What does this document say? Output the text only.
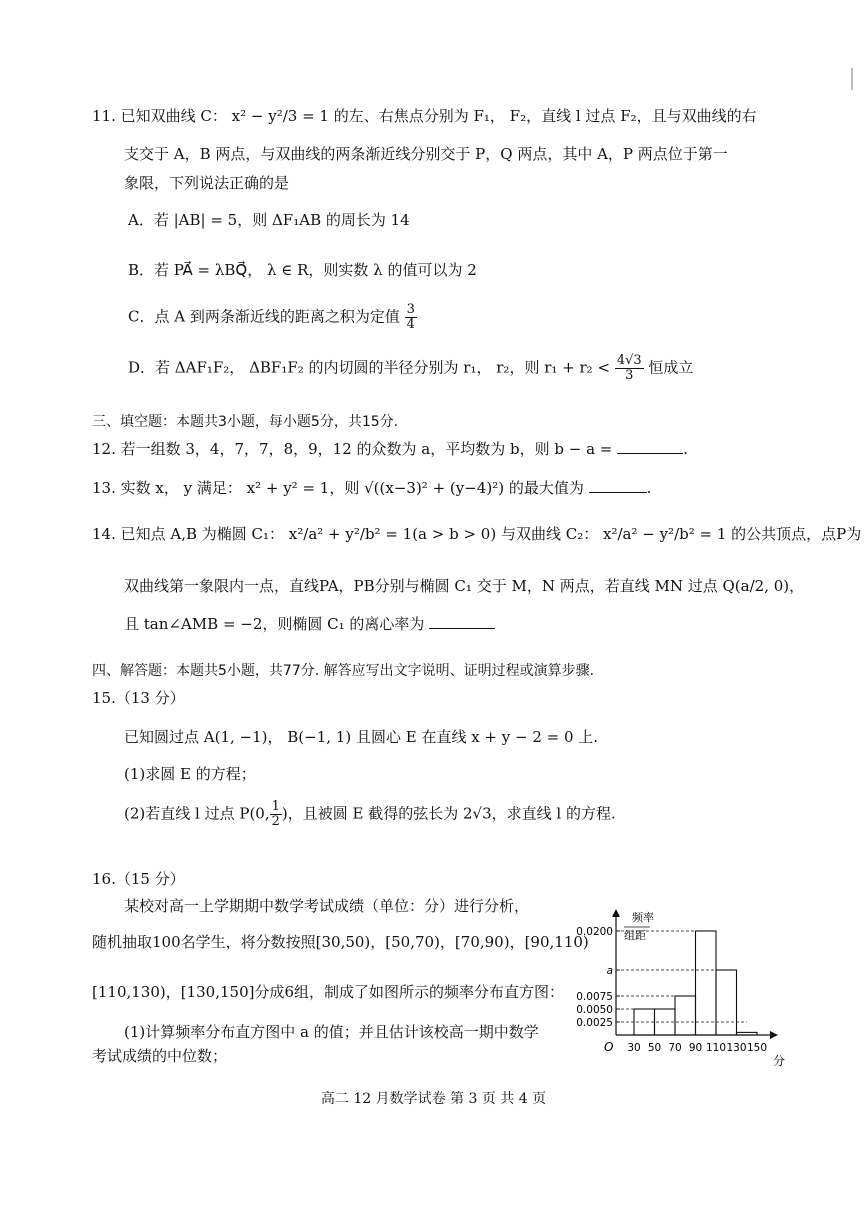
11. 已知双曲线 C： x² − y²/3 = 1 的左、右焦点分别为 F₁， F₂，直线 l 过点 F₂，且与双曲线的右
支交于 A，B 两点，与双曲线的两条渐近线分别交于 P，Q 两点，其中 A，P 两点位于第一
象限，下列说法正确的是
A．若 |AB| = 5，则 ΔF₁AB 的周长为 14
B．若 PA⃗ = λBQ⃗， λ ∈ R，则实数 λ 的值可以为 2
C．点 A 到两条渐近线的距离之积为定值 $\frac{3}{4}$
D．若 ΔAF₁F₂， ΔBF₁F₂ 的内切圆的半径分别为 r₁， r₂，则 $r_1 + r_2 < \frac{4√3}{3}$ 恒成立
三、填空题：本题共3小题，每小题5分，共15分.
12. 若一组数 3，4，7，7，8，9，12 的众数为 a，平均数为 b，则 b − a =	.
13. 实数 x， y 满足： x² + y² = 1，则 √((x−3)² + (y−4)²) 的最大值为	.
14. 已知点 A,B 为椭圆 C₁： x²/a² + y²/b² = 1(a > b > 0) 与双曲线 C₂： x²/a² − y²/b² = 1 的公共顶点，点P为
双曲线第一象限内一点，直线PA，PB分别与椭圆 C₁ 交于 M，N 两点，若直线 MN 过点 Q(a/2, 0)，
且 tan∠AMB = −2，则椭圆 C₁ 的离心率为
四、解答题：本题共5小题，共77分. 解答应写出文字说明、证明过程或演算步骤.
15.（13 分）
已知圆过点 A(1, −1)， B(−1, 1) 且圆心 E 在直线 x + y − 2 = 0 上.
(1)求圆 E 的方程；
(2)若直线 l 过点 P(0, $\frac{1}{2}$ )，且被圆 E 截得的弦长为 2√3，求直线 l 的方程.
16.（15 分）
某校对高一上学期期中数学考试成绩（单位：分）进行分析，
随机抽取100名学生，将分数按照[30,50)，[50,70)，[70,90)，[90,110)
[110,130)，[130,150]分成6组，制成了如图所示的频率分布直方图：
(1)计算频率分布直方图中 a 的值；并且估计该校高一期中数学
考试成绩的中位数；
频率
组距
O
分
0.0200
a
0.0075
0.0050
0.0025
30 50 70 90 110 130 150
高二 12 月数学试卷 第 3 页 共 4 页
